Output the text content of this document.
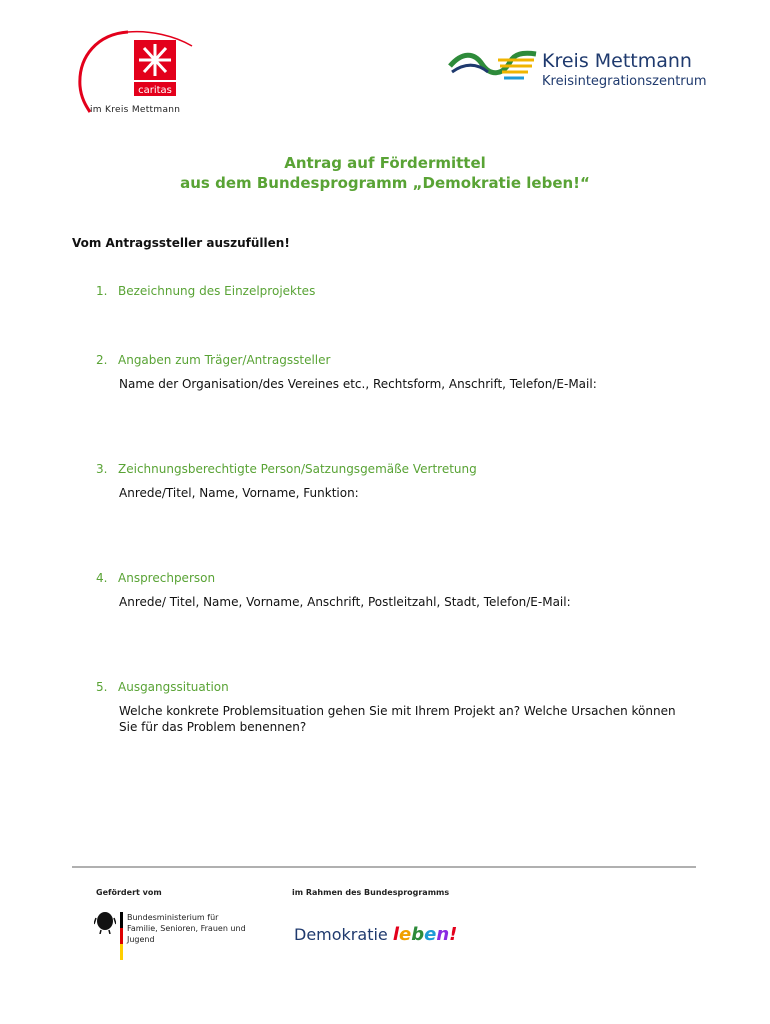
caritas
im Kreis Mettmann
Kreis Mettmann
Kreisintegrationszentrum
Antrag auf Fördermittel
aus dem Bundesprogramm „Demokratie leben!“
Vom Antragssteller auszufüllen!
1. Bezeichnung des Einzelprojektes
2. Angaben zum Träger/Antragssteller
Name der Organisation/des Vereines etc., Rechtsform, Anschrift, Telefon/E-Mail:
3. Zeichnungsberechtigte Person/Satzungsgemäße Vertretung
Anrede/Titel, Name, Vorname, Funktion:
4. Ansprechperson
Anrede/ Titel, Name, Vorname, Anschrift, Postleitzahl, Stadt, Telefon/E-Mail:
5. Ausgangssituation
Welche konkrete Problemsituation gehen Sie mit Ihrem Projekt an? Welche Ursachen können Sie für das Problem benennen?
Gefördert vom	im Rahmen des Bundesprogramms
Bundesministerium für Familie, Senioren, Frauen und Jugend	Demokratie leben!
